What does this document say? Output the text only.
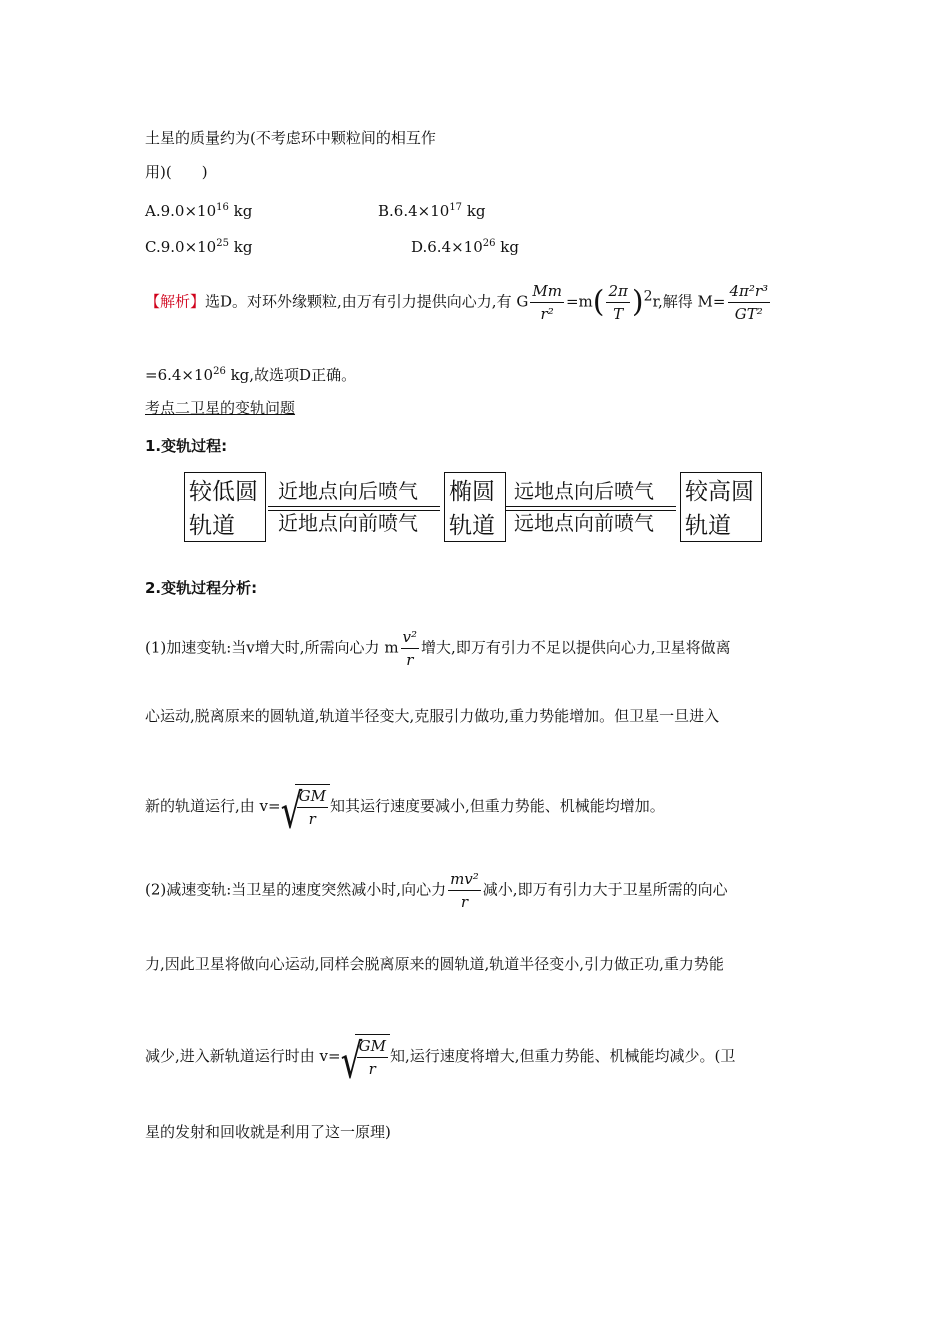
土星的质量约为(不考虑环中颗粒间的相互作
用)(　　)
$A.9.0\times 10^{16}$ kg	$B.6.4\times 10^{17}$ kg
$C.9.0\times 10^{25}$ kg	$D.6.4\times 10^{26}$ kg
【解析】选D。对环外缘颗粒,由万有引力提供向心力,有 G $\frac{Mm}{\text{r²}} =m( \frac{2\pi}{T} )2r$,解得 $M= \frac{\text{4π²r³}}{\text{GT²}}$
$=6.4\times 10^{26}$ kg,故选项D正确。
考点二卫星的变轨问题
1.变轨过程:
较低圆
轨道
近地点向后喷气
近地点向前喷气
椭圆
轨道
远地点向后喷气
远地点向前喷气
较高圆
轨道
2.变轨过程分析:
(1)加速变轨:当v增大时,所需向心力 m $\frac{\text{v²}}{r}$ 增大,即万有引力不足以提供向心力,卫星将做离
心运动,脱离原来的圆轨道,轨道半径变大,克服引力做功,重力势能增加。但卫星一旦进入
新的轨道运行,由 v= √
$\frac{GM}{r}$ 知其运行速度要减小,但重力势能、机械能均增加。
(2)减速变轨:当卫星的速度突然减小时,向心力 $\frac{\text{mv²}}{r}$ 减小,即万有引力大于卫星所需的向心
力,因此卫星将做向心运动,同样会脱离原来的圆轨道,轨道半径变小,引力做正功,重力势能
减少,进入新轨道运行时由 v= √
$\frac{GM}{r}$ 知,运行速度将增大,但重力势能、机械能均减少。(卫
星的发射和回收就是利用了这一原理)
